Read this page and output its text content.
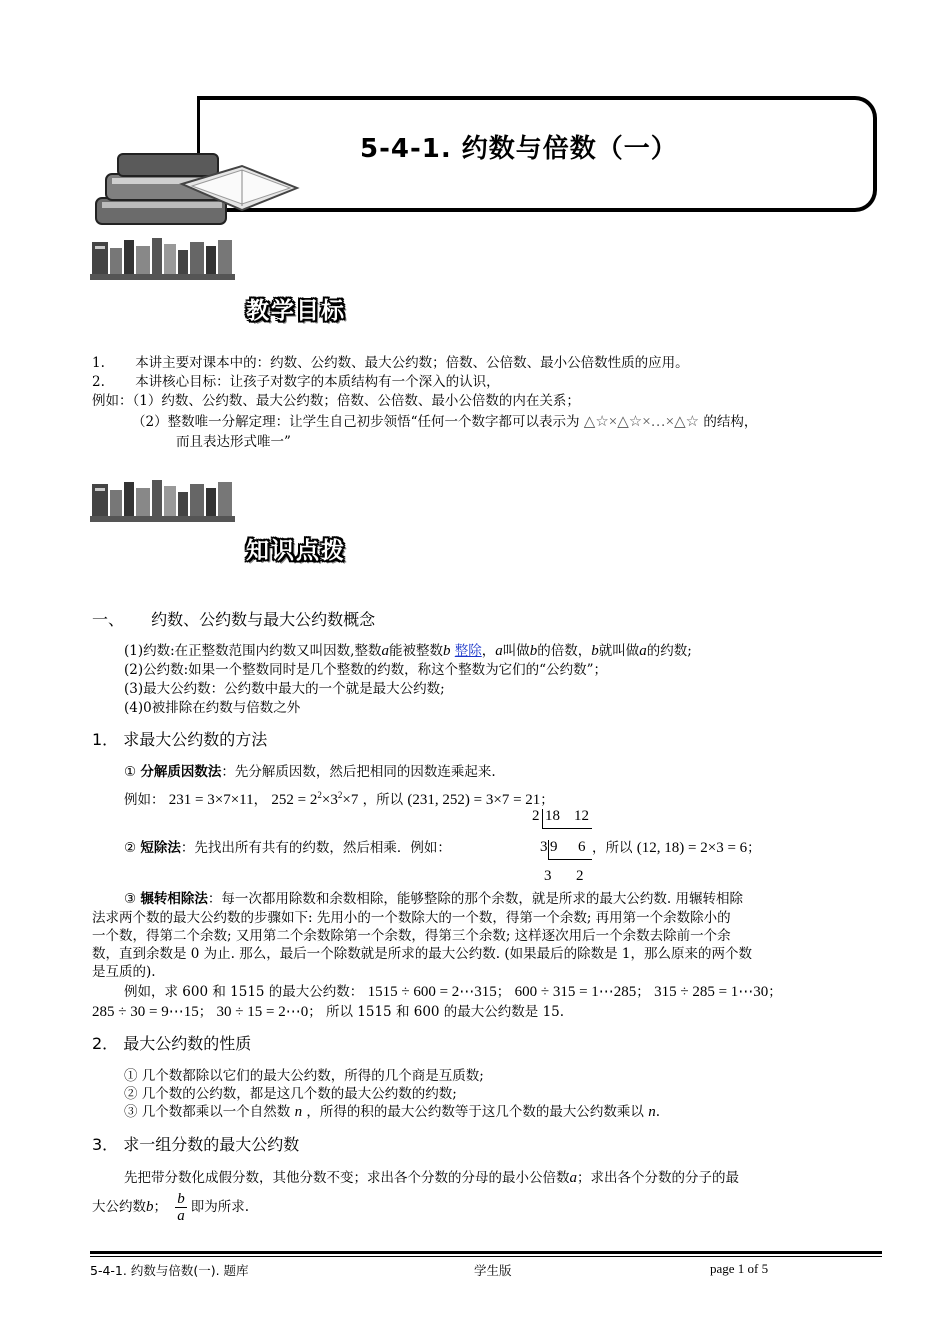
5-4-1. 约数与倍数（一）
教学目标
1. 本讲主要对课本中的：约数、公约数、最大公约数；倍数、公倍数、最小公倍数性质的应用。
2. 本讲核心目标：让孩子对数字的本质结构有一个深入的认识，
例如：（1）约数、公约数、最大公约数；倍数、公倍数、最小公倍数的内在关系；
（2）整数唯一分解定理：让学生自己初步领悟“任何一个数字都可以表示为 △☆×△☆×…×△☆ 的结构，
而且表达形式唯一”
知识点拨
一、 约数、公约数与最大公约数概念
(1)约数:在正整数范围内约数又叫因数,整数a能被整数b 整除，a叫做b的倍数，b就叫做a的约数;
(2)公约数:如果一个整数同时是几个整数的约数，称这个整数为它们的“公约数”；
(3)最大公约数：公约数中最大的一个就是最大公约数;
(4)0被排除在约数与倍数之外
1． 求最大公约数的方法
① 分解质因数法：先分解质因数，然后把相同的因数连乘起来.
例如： 231 = 3×7×11， $252 = 2^2\times 3^2\times 7$ ，所以 (231, 252) = 3×7 = 21；
2 18 12
3 9 6
3 2
② 短除法：先找出所有共有的约数，然后相乘．例如：	，所以 (12, 18) = 2×3 = 6；
③ 辗转相除法：每一次都用除数和余数相除，能够整除的那个余数，就是所求的最大公约数. 用辗转相除
法求两个数的最大公约数的步骤如下: 先用小的一个数除大的一个数，得第一个余数; 再用第一个余数除小的
一个数，得第二个余数; 又用第二个余数除第一个余数，得第三个余数; 这样逐次用后一个余数去除前一个余
数，直到余数是 0 为止. 那么，最后一个除数就是所求的最大公约数. (如果最后的除数是 1，那么原来的两个数
是互质的).
例如，求 600 和 1515 的最大公约数： 1515 ÷ 600 = 2⋯315； 600 ÷ 315 = 1⋯285； 315 ÷ 285 = 1⋯30；
285 ÷ 30 = 9⋯15； 30 ÷ 15 = 2⋯0； 所以 1515 和 600 的最大公约数是 15.
2． 最大公约数的性质
① 几个数都除以它们的最大公约数，所得的几个商是互质数;
② 几个数的公约数，都是这几个数的最大公约数的约数;
③ 几个数都乘以一个自然数 n ，所得的积的最大公约数等于这几个数的最大公约数乘以 n.
3． 求一组分数的最大公约数
先把带分数化成假分数，其他分数不变；求出各个分数的分母的最小公倍数a；求出各个分数的分子的最
大公约数b； $\frac{b}{a}$ 即为所求.
5-4-1. 约数与倍数(一). 题库	学生版	page 1 of 5
